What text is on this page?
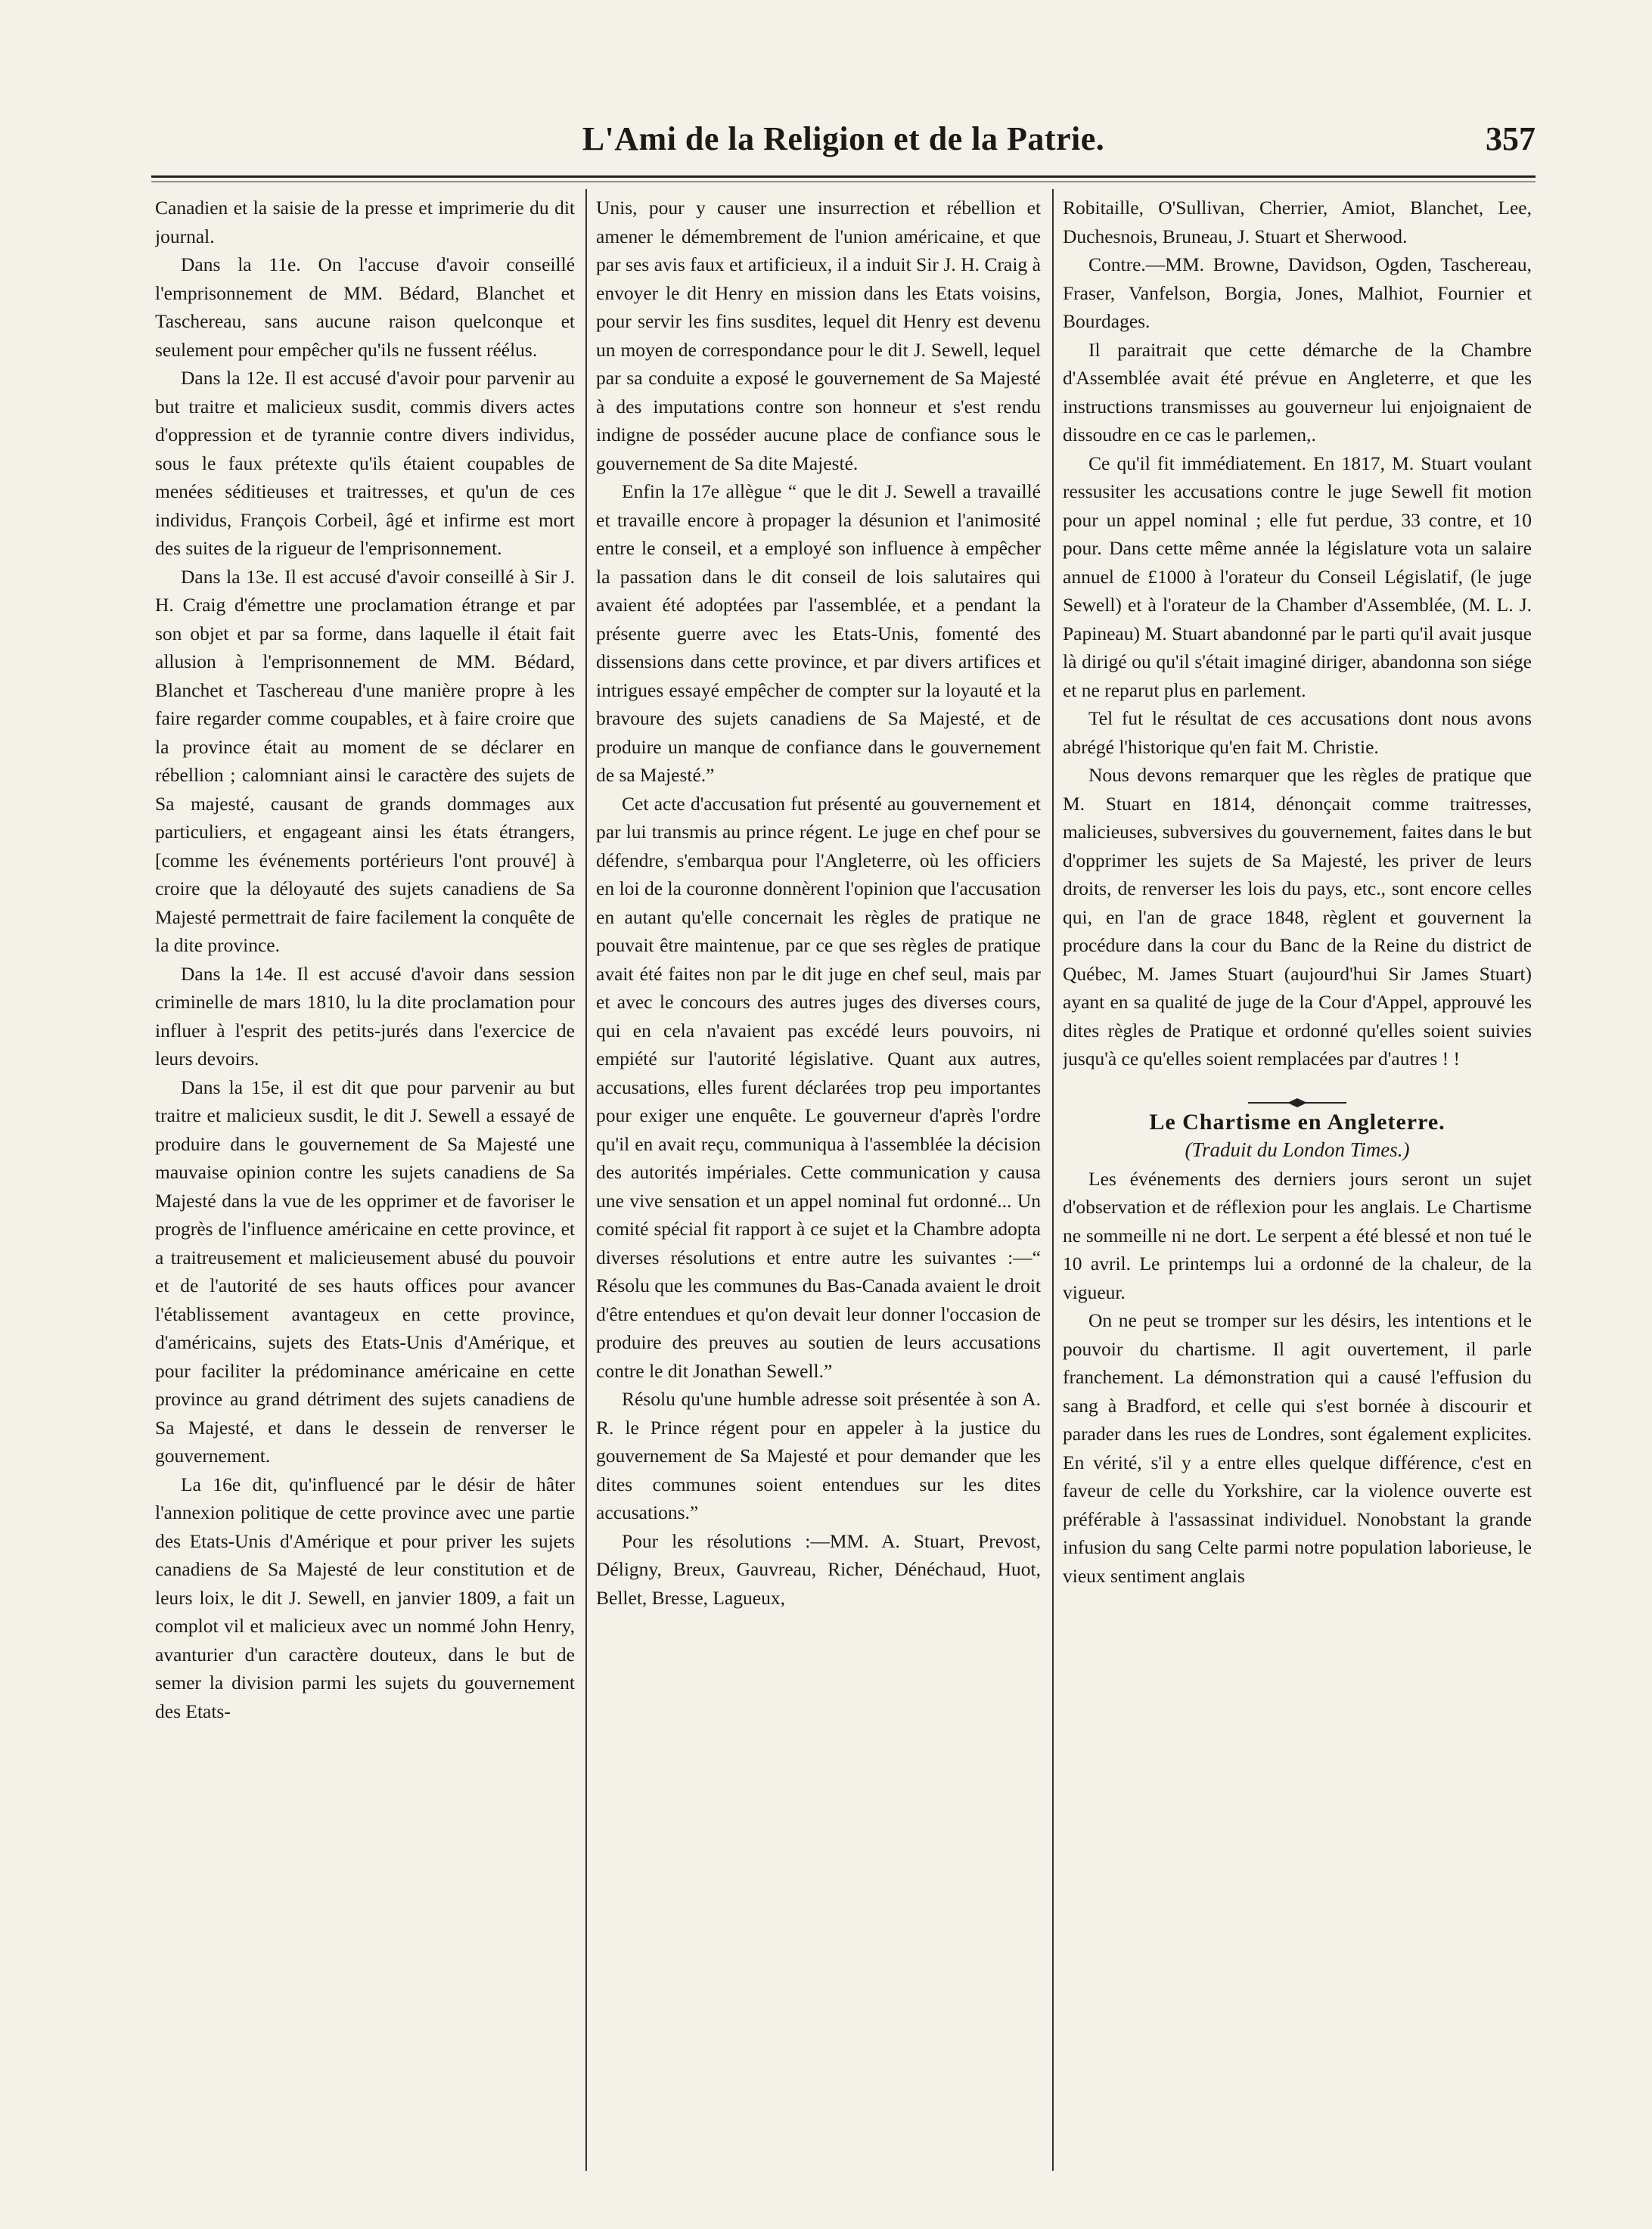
L'Ami de la Religion et de la Patrie.	357

Canadien et la saisie de la presse et imprimerie du dit journal.

Dans la 11e. On l'accuse d'avoir conseillé l'emprisonnement de MM. Bédard, Blanchet et Taschereau, sans aucune raison quelconque et seulement pour empêcher qu'ils ne fussent réélus.

Dans la 12e. Il est accusé d'avoir pour parvenir au but traitre et malicieux susdit, commis divers actes d'oppression et de tyrannie contre divers individus, sous le faux prétexte qu'ils étaient coupables de menées séditieuses et traitresses, et qu'un de ces individus, François Corbeil, âgé et infirme est mort des suites de la rigueur de l'emprisonnement.

Dans la 13e. Il est accusé d'avoir conseillé à Sir J. H. Craig d'émettre une proclamation étrange et par son objet et par sa forme, dans laquelle il était fait allusion à l'emprisonnement de MM. Bédard, Blanchet et Taschereau d'une manière propre à les faire regarder comme coupables, et à faire croire que la province était au moment de se déclarer en rébellion ; calomniant ainsi le caractère des sujets de Sa majesté, causant de grands dommages aux particuliers, et engageant ainsi les états étrangers, [comme les événements portérieurs l'ont prouvé] à croire que la déloyauté des sujets canadiens de Sa Majesté permettrait de faire facilement la conquête de la dite province.

Dans la 14e. Il est accusé d'avoir dans session criminelle de mars 1810, lu la dite proclamation pour influer à l'esprit des petits-jurés dans l'exercice de leurs devoirs.

Dans la 15e, il est dit que pour parvenir au but traitre et malicieux susdit, le dit J. Sewell a essayé de produire dans le gouvernement de Sa Majesté une mauvaise opinion contre les sujets canadiens de Sa Majesté dans la vue de les opprimer et de favoriser le progrès de l'influence américaine en cette province, et a traitreusement et malicieusement abusé du pouvoir et de l'autorité de ses hauts offices pour avancer l'établissement avantageux en cette province, d'américains, sujets des Etats-Unis d'Amérique, et pour faciliter la prédominance américaine en cette province au grand détriment des sujets canadiens de Sa Majesté, et dans le dessein de renverser le gouvernement.

La 16e dit, qu'influencé par le désir de hâter l'annexion politique de cette province avec une partie des Etats-Unis d'Amérique et pour priver les sujets canadiens de Sa Majesté de leur constitution et de leurs loix, le dit J. Sewell, en janvier 1809, a fait un complot vil et malicieux avec un nommé John Henry, avanturier d'un caractère douteux, dans le but de semer la division parmi les sujets du gouvernement des Etats-

Unis, pour y causer une insurrection et rébellion et amener le démembrement de l'union américaine, et que par ses avis faux et artificieux, il a induit Sir J. H. Craig à envoyer le dit Henry en mission dans les Etats voisins, pour servir les fins susdites, lequel dit Henry est devenu un moyen de correspondance pour le dit J. Sewell, lequel par sa conduite a exposé le gouvernement de Sa Majesté à des imputations contre son honneur et s'est rendu indigne de posséder aucune place de confiance sous le gouvernement de Sa dite Majesté.

Enfin la 17e allègue “ que le dit J. Sewell a travaillé et travaille encore à propager la désunion et l'animosité entre le conseil, et a employé son influence à empêcher la passation dans le dit conseil de lois salutaires qui avaient été adoptées par l'assemblée, et a pendant la présente guerre avec les Etats-Unis, fomenté des dissensions dans cette province, et par divers artifices et intrigues essayé empêcher de compter sur la loyauté et la bravoure des sujets canadiens de Sa Majesté, et de produire un manque de confiance dans le gouvernement de sa Majesté.”

Cet acte d'accusation fut présenté au gouvernement et par lui transmis au prince régent. Le juge en chef pour se défendre, s'embarqua pour l'Angleterre, où les officiers en loi de la couronne donnèrent l'opinion que l'accusation en autant qu'elle concernait les règles de pratique ne pouvait être maintenue, par ce que ses règles de pratique avait été faites non par le dit juge en chef seul, mais par et avec le concours des autres juges des diverses cours, qui en cela n'avaient pas excédé leurs pouvoirs, ni empiété sur l'autorité législative. Quant aux autres, accusations, elles furent déclarées trop peu importantes pour exiger une enquête. Le gouverneur d'après l'ordre qu'il en avait reçu, communiqua à l'assemblée la décision des autorités impériales. Cette communication y causa une vive sensation et un appel nominal fut ordonné... Un comité spécial fit rapport à ce sujet et la Chambre adopta diverses résolutions et entre autre les suivantes :—“ Résolu que les communes du Bas-Canada avaient le droit d'être entendues et qu'on devait leur donner l'occasion de produire des preuves au soutien de leurs accusations contre le dit Jonathan Sewell.”

Résolu qu'une humble adresse soit présentée à son A. R. le Prince régent pour en appeler à la justice du gouvernement de Sa Majesté et pour demander que les dites communes soient entendues sur les dites accusations.”

Pour les résolutions :—MM. A. Stuart, Prevost, Déligny, Breux, Gauvreau, Richer, Dénéchaud, Huot, Bellet, Bresse, Lagueux,

Robitaille, O'Sullivan, Cherrier, Amiot, Blanchet, Lee, Duchesnois, Bruneau, J. Stuart et Sherwood.

Contre.—MM. Browne, Davidson, Ogden, Taschereau, Fraser, Vanfelson, Borgia, Jones, Malhiot, Fournier et Bourdages.

Il paraitrait que cette démarche de la Chambre d'Assemblée avait été prévue en Angleterre, et que les instructions transmisses au gouverneur lui enjoignaient de dissoudre en ce cas le parlemen,.

Ce qu'il fit immédiatement. En 1817, M. Stuart voulant ressusiter les accusations contre le juge Sewell fit motion pour un appel nominal ; elle fut perdue, 33 contre, et 10 pour. Dans cette même année la législature vota un salaire annuel de £1000 à l'orateur du Conseil Législatif, (le juge Sewell) et à l'orateur de la Chamber d'Assemblée, (M. L. J. Papineau) M. Stuart abandonné par le parti qu'il avait jusque là dirigé ou qu'il s'était imaginé diriger, abandonna son siége et ne reparut plus en parlement.

Tel fut le résultat de ces accusations dont nous avons abrégé l'historique qu'en fait M. Christie.

Nous devons remarquer que les règles de pratique que M. Stuart en 1814, dénonçait comme traitresses, malicieuses, subversives du gouvernement, faites dans le but d'opprimer les sujets de Sa Majesté, les priver de leurs droits, de renverser les lois du pays, etc., sont encore celles qui, en l'an de grace 1848, règlent et gouvernent la procédure dans la cour du Banc de la Reine du district de Québec, M. James Stuart (aujourd'hui Sir James Stuart) ayant en sa qualité de juge de la Cour d'Appel, approuvé les dites règles de Pratique et ordonné qu'elles soient suivies jusqu'à ce qu'elles soient remplacées par d'autres ! !

Le Chartisme en Angleterre.
(Traduit du London Times.)

Les événements des derniers jours seront un sujet d'observation et de réflexion pour les anglais. Le Chartisme ne sommeille ni ne dort. Le serpent a été blessé et non tué le 10 avril. Le printemps lui a ordonné de la chaleur, de la vigueur.

On ne peut se tromper sur les désirs, les intentions et le pouvoir du chartisme. Il agit ouvertement, il parle franchement. La démonstration qui a causé l'effusion du sang à Bradford, et celle qui s'est bornée à discourir et parader dans les rues de Londres, sont également explicites. En vérité, s'il y a entre elles quelque différence, c'est en faveur de celle du Yorkshire, car la violence ouverte est préférable à l'assassinat individuel. Nonobstant la grande infusion du sang Celte parmi notre population laborieuse, le vieux sentiment anglais
